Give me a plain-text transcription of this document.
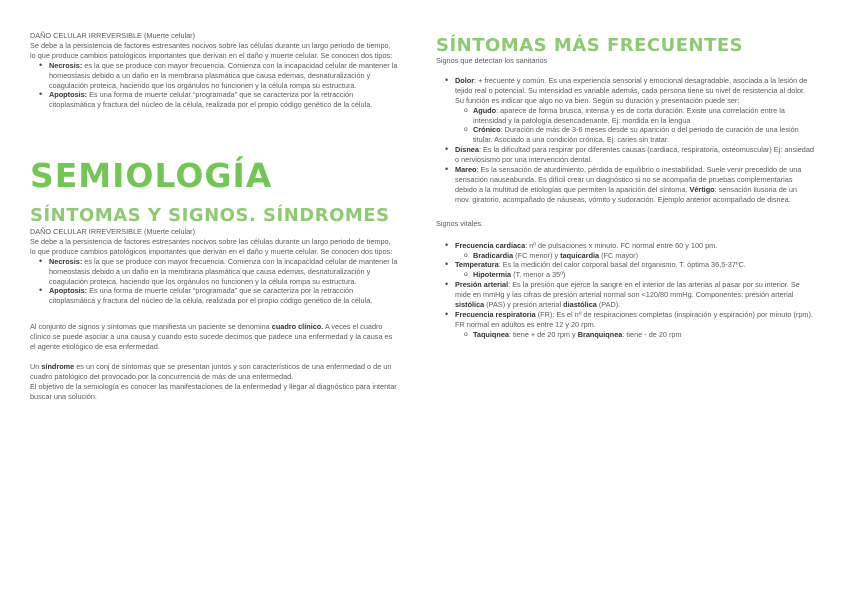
DAÑO CELULAR IRREVERSIBLE (Muerte celular)

Se debe a la persistencia de factores estresantes nocivos sobre las células durante un largo periodo de tiempo, lo que produce cambios patológicos importantes que derivan en el daño y muerte celular. Se conocen dos tipos:

• Necrosis: es la que se produce con mayor frecuencia. Comienza con la incapacidad celular de mantener la homeostasis debido a un daño en la membrana plasmática que causa edemas, desnaturalización y coagulación proteica, haciendo que los orgánulos no funcionen y la célula rompa su estructura.
• Apoptosis: Es una forma de muerte celular “programada” que se caracteriza por la retracción citoplasmática y fractura del núcleo de la célula, realizada por el propio código genético de la célula.
SEMIOLOGÍA
SÍNTOMAS Y SIGNOS. SÍNDROMES

DAÑO CELULAR IRREVERSIBLE (Muerte celular)

Se debe a la persistencia de factores estresantes nocivos sobre las células durante un largo periodo de tiempo, lo que produce cambios patológicos importantes que derivan en el daño y muerte celular. Se conocen dos tipos:

• Necrosis: es la que se produce con mayor frecuencia. Comienza con la incapacidad celular de mantener la homeostasis debido a un daño en la membrana plasmática que causa edemas, desnaturalización y coagulación proteica, haciendo que los orgánulos no funcionen y la célula rompa su estructura.
• Apoptosis: Es una forma de muerte celular “programada” que se caracteriza por la retracción citoplasmática y fractura del núcleo de la célula, realizada por el propio código genético de la célula.

Al conjunto de signos y síntomas que manifiesta un paciente se denomina cuadro clínico. A veces el cuadro clínico se puede asociar a una causa y cuando esto sucede decimos que padece una enfermedad y la causa es el agente etiológico de esa enfermedad.

Un síndrome es un conj de síntomas que se presentan juntos y son característicos de una enfermedad o de un cuadro patológico det provocado por la concurrencia de más de una enfermedad.

El objetivo de la semiología es conocer las manifestaciones de la enfermedad y llegar al diagnóstico para intentar buscar una solución.

SÍNTOMAS MÁS FRECUENTES

Signos que detectan los sanitarios

• Dolor: + frecuente y común. Es una experiencia sensorial y emocional desagradable, asociada a la lesión de tejido real o potencial. Su intensidad es variable además, cada persona tiene su nivel de resistencia al dolor. Su función es indicar que algo no va bien. Según su duración y presentación puede ser:
o Agudo: aparece de forma brusca, intensa y es de corta duración. Existe una correlación entre la intensidad y la patología desencadenante. Ej: mordida en la lengua
o Crónico: Duración de más de 3-6 meses desde su aparición o del periodo de curación de una lesión titular. Asociado a una condición crónica. Ej: caries sin tratar.
• Disnea: Es la dificultad para respirar por diferentes causas (cardiaca, respiratoria, osteomuscular) Ej: ansiedad o nerviosismo por una intervención dental.
• Mareo: Es la sensación de aturdimiento, pérdida de equilibrio o inestabilidad. Suele venir precedido de una sensación nauseabunda. Es difícil crear un diagnóstico si no se acompaña de pruebas complementarias debido a la multitud de etiologías que permiten la aparición del síntoma. Vértigo: sensación ilusoria de un mov. giratorio, acompañado de náuseas, vómito y sudoración. Ejemplo anterior acompañado de disnea.

Signos vitales.

• Frecuencia cardiaca: nº de pulsaciones x minuto. FC normal entre 60 y 100 pm.
o Bradicardia (FC menor) y taquicardia (FC mayor)
• Temperatura: Es la medición del calor corporal basal del organismo. T. óptima 36,5-37ºC.
o Hipotermia (T. menor a 35º)
• Presión arterial: Es la presión que ejerce la sangre en el interior de las arterias al pasar por su interior. Se mide en mmHg y las cifras de presión arterial normal son <120/80 mmHg. Componentes: presión arterial sistólica (PAS) y presión arterial diastólica (PAD).
• Frecuencia respiratoria (FR): Es el nº de respiraciones completas (inspiración y espiración) por minuto (rpm). FR normal en adultos es entre 12 y 20 rpm.
o Taquiqnea: tiene + de 20 rpm y Branquiqnea: tiene - de 20 rpm
